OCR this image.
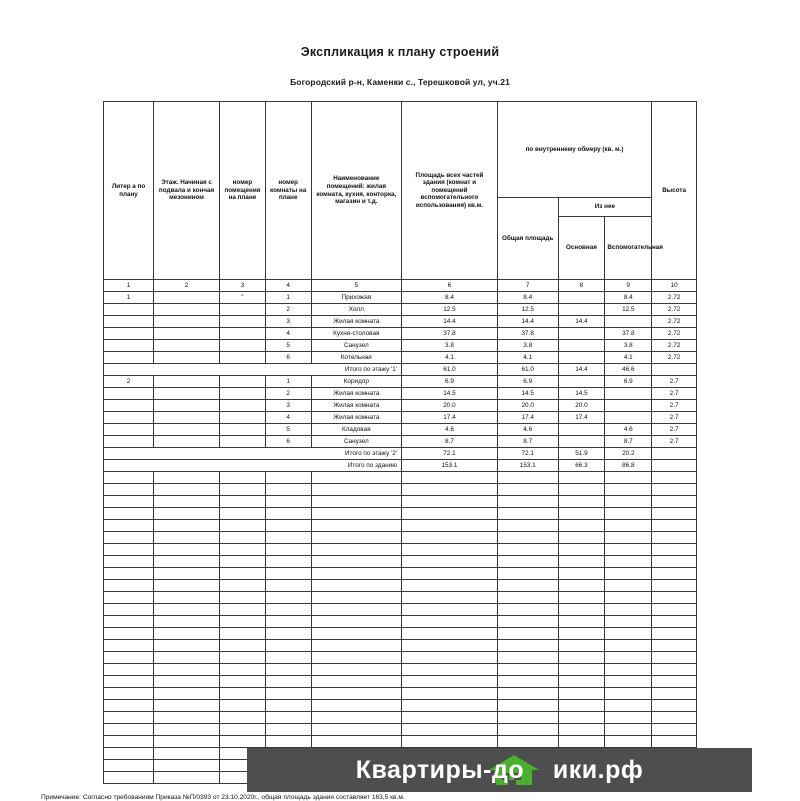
Экспликация к плану строений
Богородский р-н, Каменки с., Терешковой ул, уч.21
Литер а по плану	Этаж. Начиная с подвала и кончая мезонином	номер помещения на плане	номер комнаты на плане	Наименование помещений: жилая комната, кухня, конторка, магазин и т.д.	Площадь всех частей здания (комнат и помещений вспомогательного использования) кв.м.	по внутреннему обмеру (кв. м.)			Высота
						Общая площадь	Из нее		
							Основная	Вспомогательная	
1	2	3	4	5	6	7	8	9	10
1		"	1	Прихожая	8.4	8.4		8.4	2.72
			2	Холл	12.5	12.5		12.5	2.72
			3	Жилая комната	14.4	14.4	14.4		2.72
			4	Кухня-столовая	37.8	37.8		37.8	2.72
			5	Санузел	3.8	3.8		3.8	2.72
			6	Котельная	4.1	4.1		4.1	2.72
Итого по этажу '1'					61.0	61.0	14.4	46.6	
2			1	Коридор	6.9	6.9		6.9	2.7
			2	Жилая комната	14.5	14.5	14.5		2.7
			3	Жилая комната	20.0	20.0	20.0		2.7
			4	Жилая комната	17.4	17.4	17.4		2.7
			5	Кладовая	4.6	4.6		4.6	2.7
			6	Санузел	8.7	8.7		8.7	2.7
Итого по этажу '2'					72.1	72.1	51.9	20.2	
Итого по зданию					153.1	153.1	66.3	86.8	

Примечание: Согласно требованиям Приказа №П/0393 от 23.10.2020г., общая площадь здания составляет 163,5 кв.м.
Квартиры-до ики.рф
